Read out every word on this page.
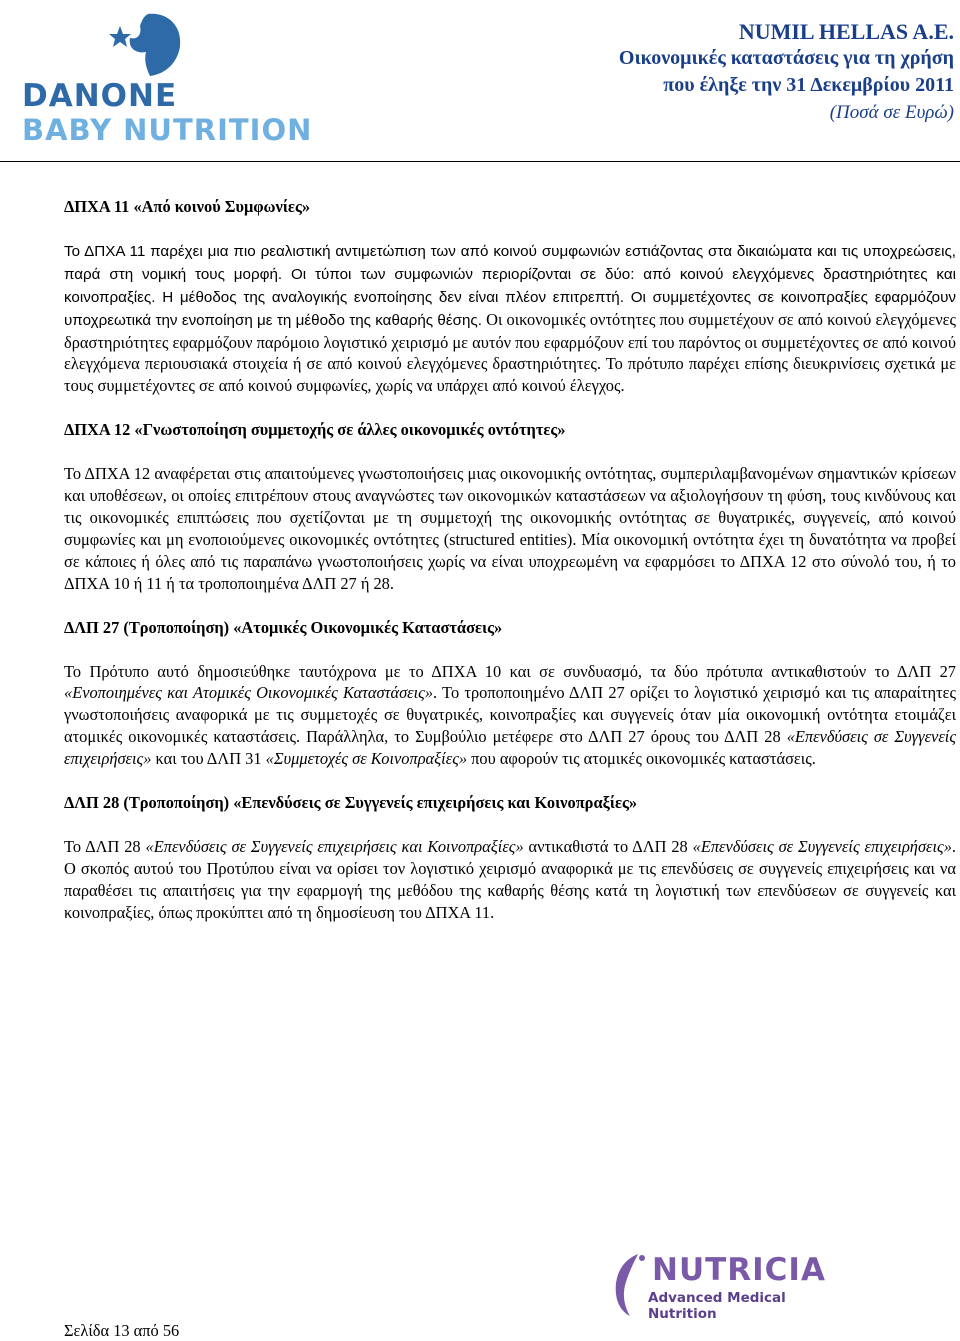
DANONE
BABY NUTRITION
NUMIL HELLAS A.E.
Οικονομικές καταστάσεις για τη χρήση
που έληξε την 31 Δεκεμβρίου 2011
(Ποσά σε Ευρώ)

ΔΠΧΑ 11 «Από κοινού Συμφωνίες»

Το ΔΠΧΑ 11 παρέχει μια πιο ρεαλιστική αντιμετώπιση των από κοινού συμφωνιών εστιάζοντας στα δικαιώματα και τις υποχρεώσεις, παρά στη νομική τους μορφή. Οι τύποι των συμφωνιών περιορίζονται σε δύο: από κοινού ελεγχόμενες δραστηριότητες και κοινοπραξίες. Η μέθοδος της αναλογικής ενοποίησης δεν είναι πλέον επιτρεπτή. Οι συμμετέχοντες σε κοινοπραξίες εφαρμόζουν υποχρεωτικά την ενοποίηση με τη μέθοδο της καθαρής θέσης. Οι οικονομικές οντότητες που συμμετέχουν σε από κοινού ελεγχόμενες δραστηριότητες εφαρμόζουν παρόμοιο λογιστικό χειρισμό με αυτόν που εφαρμόζουν επί του παρόντος οι συμμετέχοντες σε από κοινού ελεγχόμενα περιουσιακά στοιχεία ή σε από κοινού ελεγχόμενες δραστηριότητες. Το πρότυπο παρέχει επίσης διευκρινίσεις σχετικά με τους συμμετέχοντες σε από κοινού συμφωνίες, χωρίς να υπάρχει από κοινού έλεγχος.

ΔΠΧΑ 12 «Γνωστοποίηση συμμετοχής σε άλλες οικονομικές οντότητες»

Το ΔΠΧΑ 12 αναφέρεται στις απαιτούμενες γνωστοποιήσεις μιας οικονομικής οντότητας, συμπεριλαμβανομένων σημαντικών κρίσεων και υποθέσεων, οι οποίες επιτρέπουν στους αναγνώστες των οικονομικών καταστάσεων να αξιολογήσουν τη φύση, τους κινδύνους και τις οικονομικές επιπτώσεις που σχετίζονται με τη συμμετοχή της οικονομικής οντότητας σε θυγατρικές, συγγενείς, από κοινού συμφωνίες και μη ενοποιούμενες οικονομικές οντότητες (structured entities). Μία οικονομική οντότητα έχει τη δυνατότητα να προβεί σε κάποιες ή όλες από τις παραπάνω γνωστοποιήσεις χωρίς να είναι υποχρεωμένη να εφαρμόσει το ΔΠΧΑ 12 στο σύνολό του, ή το ΔΠΧΑ 10 ή 11 ή τα τροποποιημένα ΔΛΠ 27 ή 28.

ΔΛΠ 27 (Τροποποίηση) «Ατομικές Οικονομικές Καταστάσεις»

Το Πρότυπο αυτό δημοσιεύθηκε ταυτόχρονα με το ΔΠΧΑ 10 και σε συνδυασμό, τα δύο πρότυπα αντικαθιστούν το ΔΛΠ 27 «Ενοποιημένες και Ατομικές Οικονομικές Καταστάσεις». Το τροποποιημένο ΔΛΠ 27 ορίζει το λογιστικό χειρισμό και τις απαραίτητες γνωστοποιήσεις αναφορικά με τις συμμετοχές σε θυγατρικές, κοινοπραξίες και συγγενείς όταν μία οικονομική οντότητα ετοιμάζει ατομικές οικονομικές καταστάσεις. Παράλληλα, το Συμβούλιο μετέφερε στο ΔΛΠ 27 όρους του ΔΛΠ 28 «Επενδύσεις σε Συγγενείς επιχειρήσεις» και του ΔΛΠ 31 «Συμμετοχές σε Κοινοπραξίες» που αφορούν τις ατομικές οικονομικές καταστάσεις.

ΔΛΠ 28 (Τροποποίηση) «Επενδύσεις σε Συγγενείς επιχειρήσεις και Κοινοπραξίες»

Το ΔΛΠ 28 «Επενδύσεις σε Συγγενείς επιχειρήσεις και Κοινοπραξίες» αντικαθιστά το ΔΛΠ 28 «Επενδύσεις σε Συγγενείς επιχειρήσεις». Ο σκοπός αυτού του Προτύπου είναι να ορίσει τον λογιστικό χειρισμό αναφορικά με τις επενδύσεις σε συγγενείς επιχειρήσεις και να παραθέσει τις απαιτήσεις για την εφαρμογή της μεθόδου της καθαρής θέσης κατά τη λογιστική των επενδύσεων σε συγγενείς και κοινοπραξίες, όπως προκύπτει από τη δημοσίευση του ΔΠΧΑ 11.

NUTRICIA
Advanced Medical Nutrition
Σελίδα 13 από 56
